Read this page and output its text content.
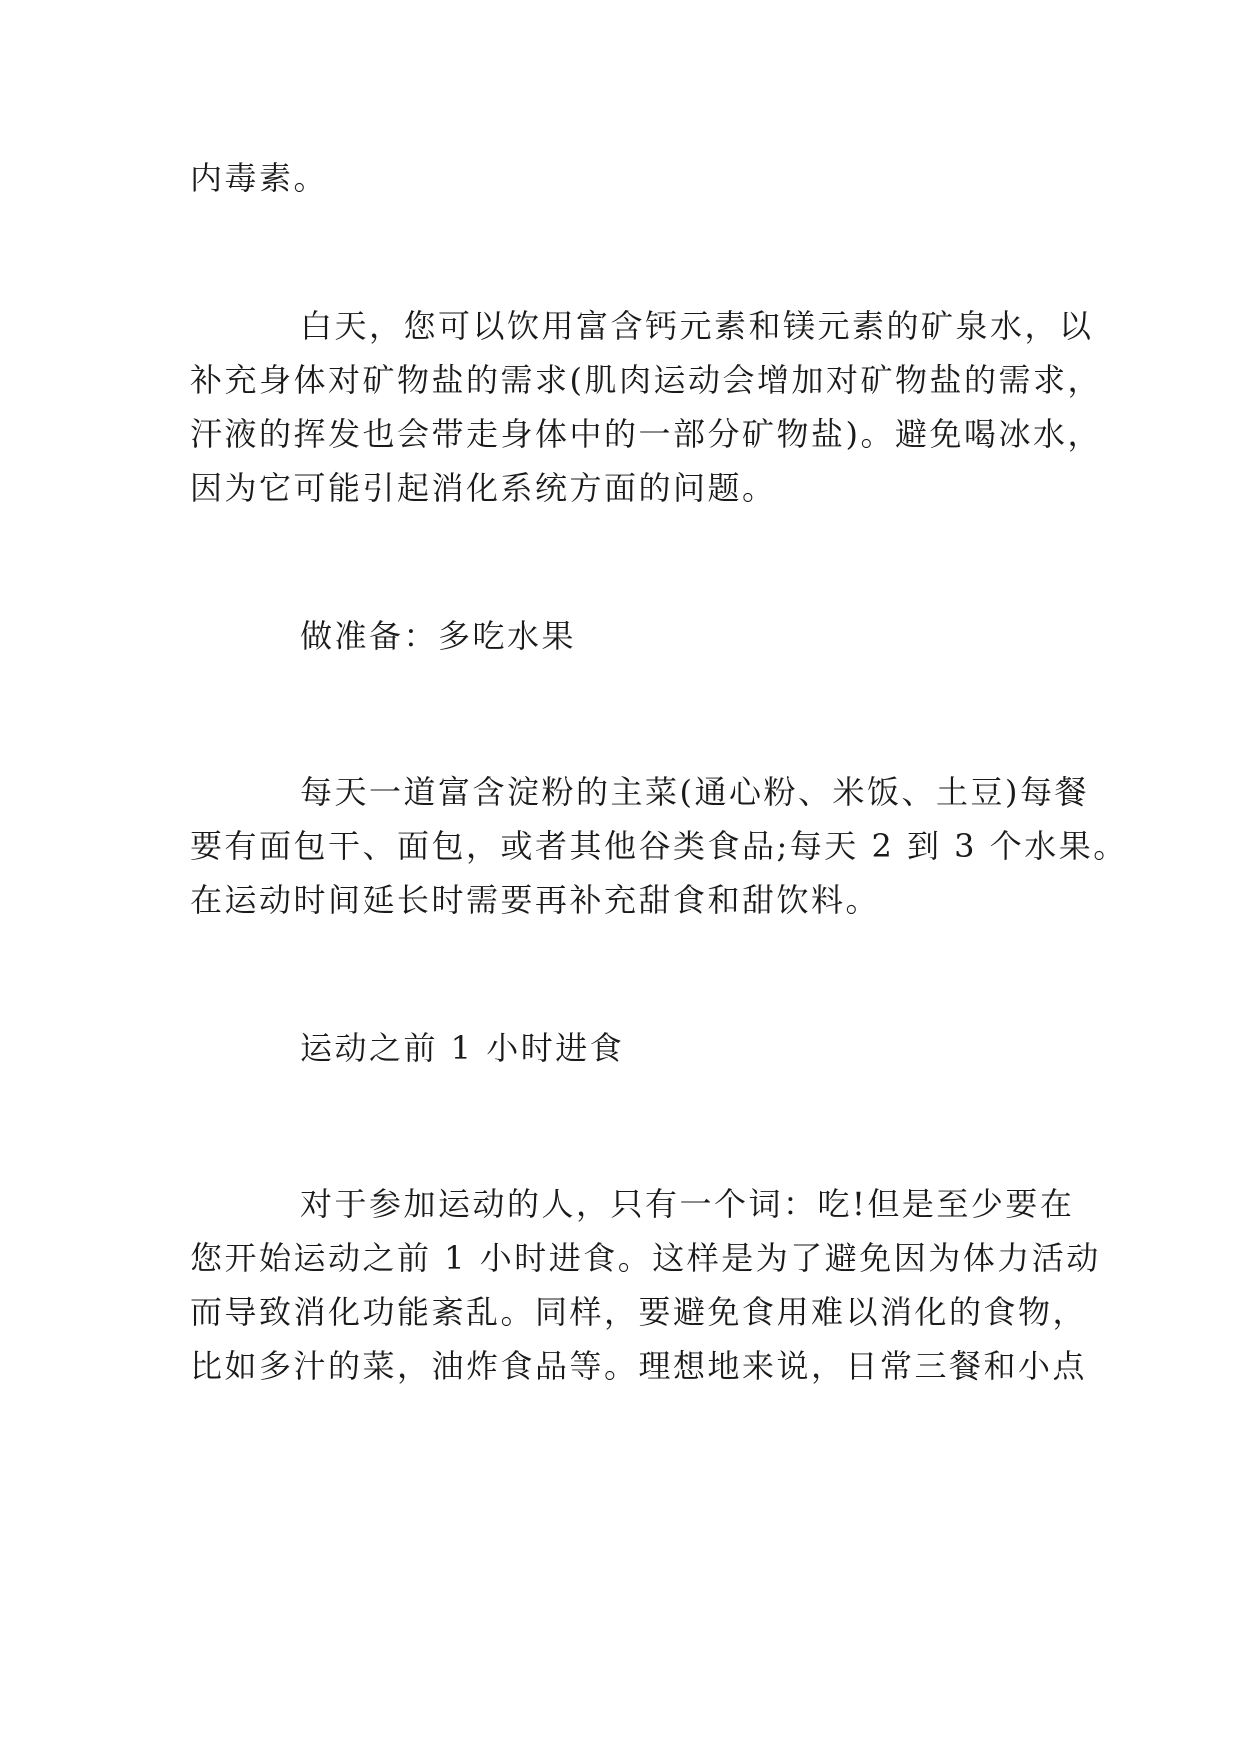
内毒素。
白天，您可以饮用富含钙元素和镁元素的矿泉水，以
补充身体对矿物盐的需求(肌肉运动会增加对矿物盐的需求，
汗液的挥发也会带走身体中的一部分矿物盐)。避免喝冰水，
因为它可能引起消化系统方面的问题。
做准备：多吃水果
每天一道富含淀粉的主菜(通心粉、米饭、土豆)每餐
要有面包干、面包，或者其他谷类食品;每天 2 到 3 个水果。
在运动时间延长时需要再补充甜食和甜饮料。
运动之前 1 小时进食
对于参加运动的人，只有一个词：吃!但是至少要在
您开始运动之前 1 小时进食。这样是为了避免因为体力活动
而导致消化功能紊乱。同样，要避免食用难以消化的食物，
比如多汁的菜，油炸食品等。理想地来说，日常三餐和小点
